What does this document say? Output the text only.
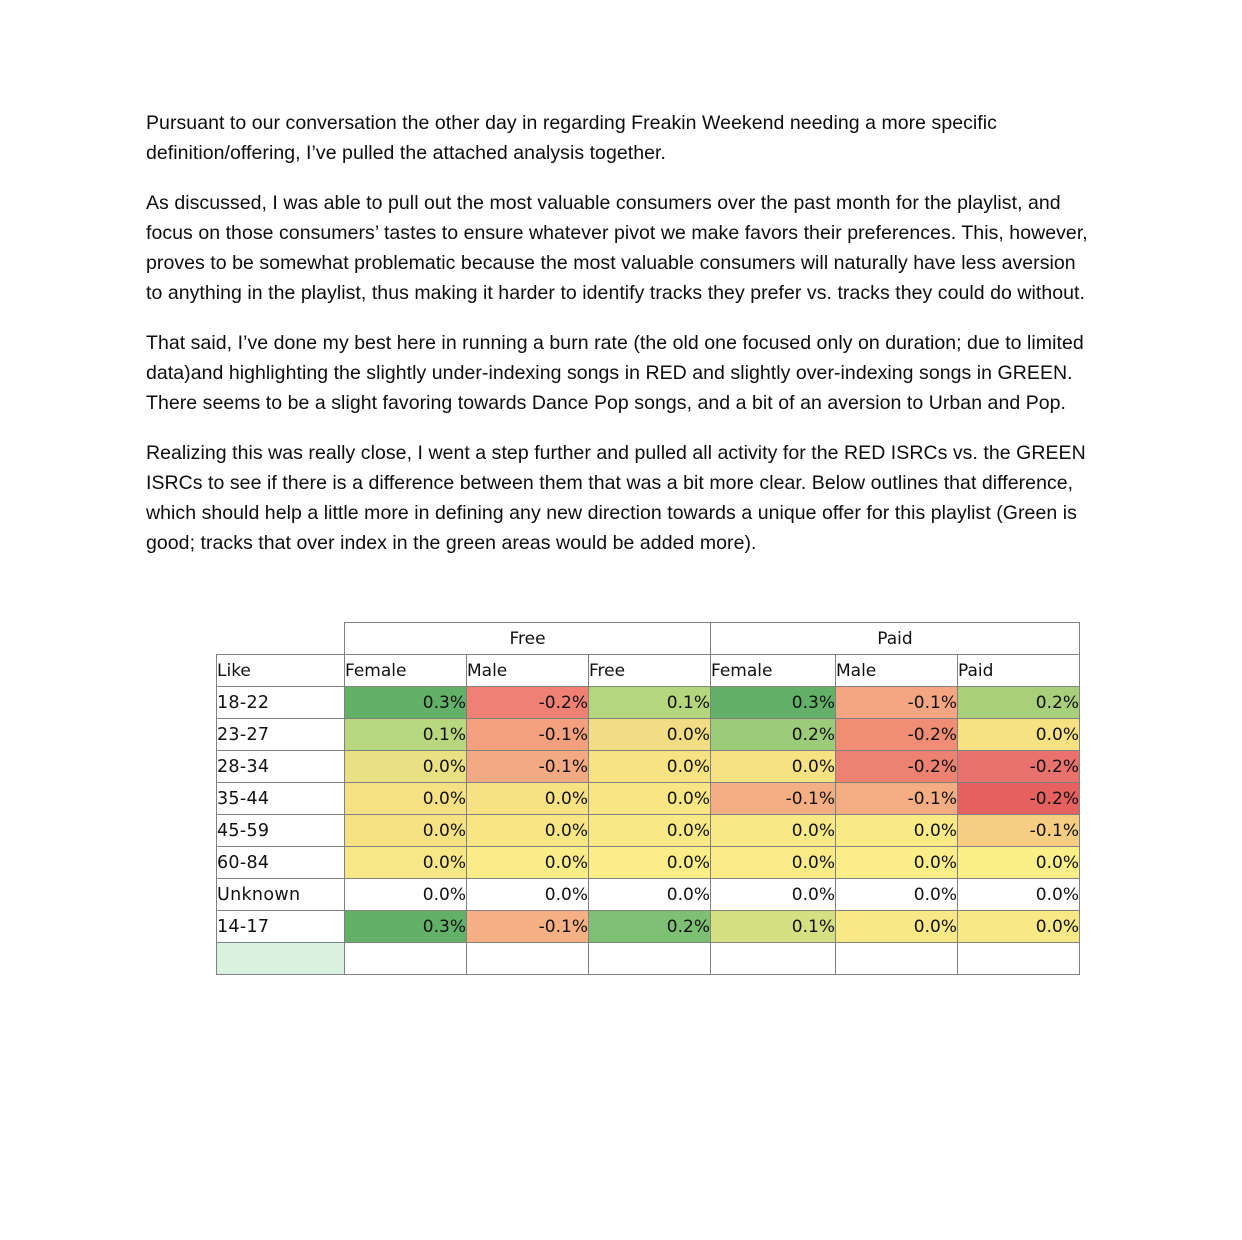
Pursuant to our conversation the other day in regarding Freakin Weekend needing a more specific definition/offering, I’ve pulled the attached analysis together.

As discussed, I was able to pull out the most valuable consumers over the past month for the playlist, and focus on those consumers’ tastes to ensure whatever pivot we make favors their preferences. This, however, proves to be somewhat problematic because the most valuable consumers will naturally have less aversion to anything in the playlist, thus making it harder to identify tracks they prefer vs. tracks they could do without.

That said, I’ve done my best here in running a burn rate (the old one focused only on duration; due to limited data)and highlighting the slightly under-indexing songs in RED and slightly over-indexing songs in GREEN. There seems to be a slight favoring towards Dance Pop songs, and a bit of an aversion to Urban and Pop.

Realizing this was really close, I went a step further and pulled all activity for the RED ISRCs vs. the GREEN ISRCs to see if there is a difference between them that was a bit more clear. Below outlines that difference, which should help a little more in defining any new direction towards a unique offer for this playlist (Green is good; tracks that over index in the green areas would be added more).

	Free			Paid		
Like	Female	Male	Free	Female	Male	Paid
18-22	0.3%	-0.2%	0.1%	0.3%	-0.1%	0.2%
23-27	0.1%	-0.1%	0.0%	0.2%	-0.2%	0.0%
28-34	0.0%	-0.1%	0.0%	0.0%	-0.2%	-0.2%
35-44	0.0%	0.0%	0.0%	-0.1%	-0.1%	-0.2%
45-59	0.0%	0.0%	0.0%	0.0%	0.0%	-0.1%
60-84	0.0%	0.0%	0.0%	0.0%	0.0%	0.0%
Unknown	0.0%	0.0%	0.0%	0.0%	0.0%	0.0%
14-17	0.3%	-0.1%	0.2%	0.1%	0.0%	0.0%
